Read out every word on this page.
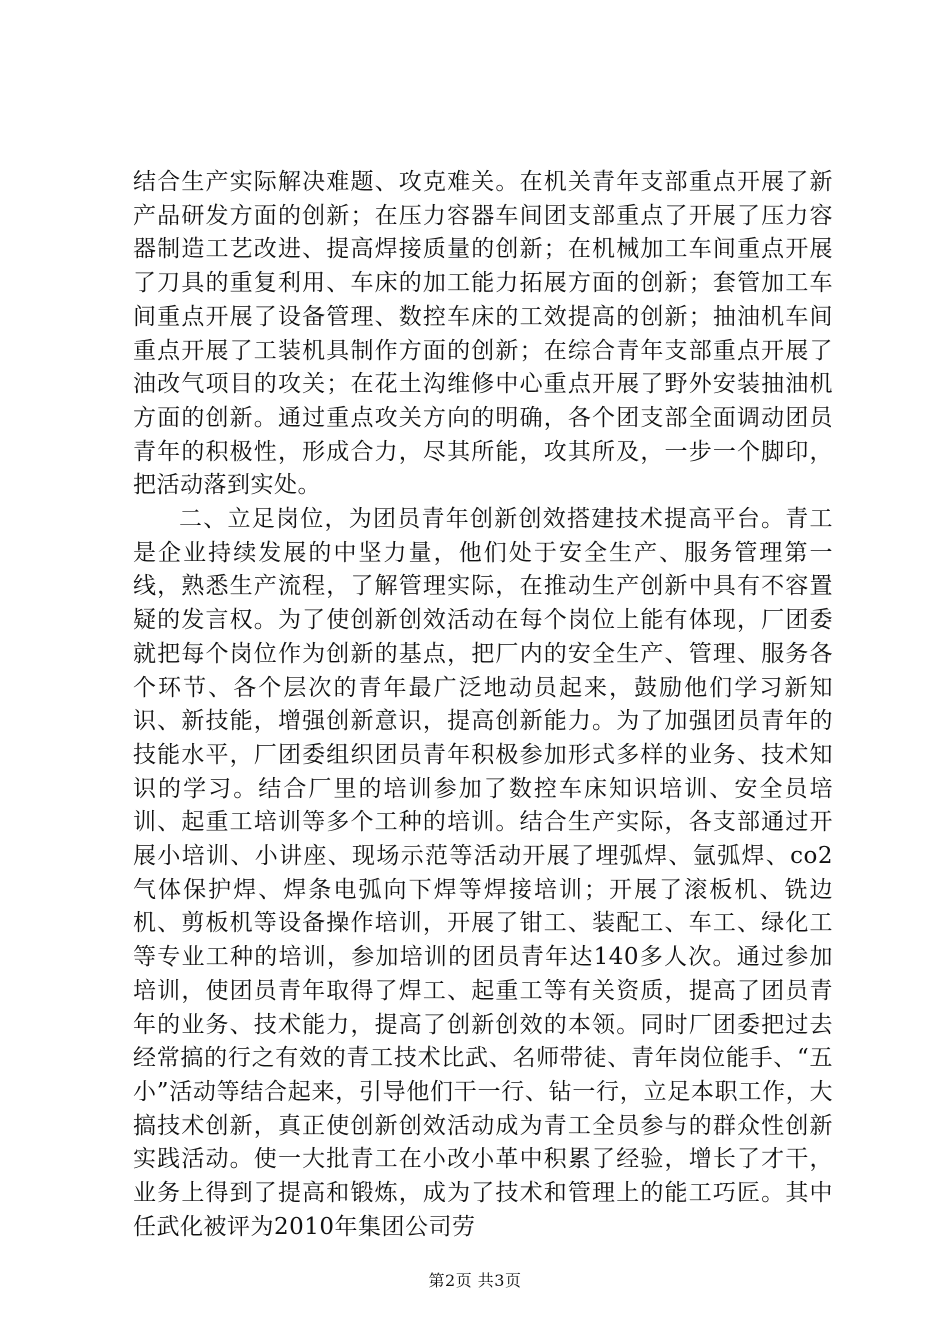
结合生产实际解决难题、攻克难关。在机关青年支部重点开展了新产品研发方面的创新；在压力容器车间团支部重点了开展了压力容器制造工艺改进、提高焊接质量的创新；在机械加工车间重点开展了刀具的重复利用、车床的加工能力拓展方面的创新；套管加工车间重点开展了设备管理、数控车床的工效提高的创新；抽油机车间重点开展了工装机具制作方面的创新；在综合青年支部重点开展了油改气项目的攻关；在花土沟维修中心重点开展了野外安装抽油机方面的创新。通过重点攻关方向的明确，各个团支部全面调动团员青年的积极性，形成合力，尽其所能，攻其所及，一步一个脚印，把活动落到实处。

二、立足岗位，为团员青年创新创效搭建技术提高平台。青工是企业持续发展的中坚力量，他们处于安全生产、服务管理第一线，熟悉生产流程，了解管理实际，在推动生产创新中具有不容置疑的发言权。为了使创新创效活动在每个岗位上能有体现，厂团委就把每个岗位作为创新的基点，把厂内的安全生产、管理、服务各个环节、各个层次的青年最广泛地动员起来，鼓励他们学习新知识、新技能，增强创新意识，提高创新能力。为了加强团员青年的技能水平，厂团委组织团员青年积极参加形式多样的业务、技术知识的学习。结合厂里的培训参加了数控车床知识培训、安全员培训、起重工培训等多个工种的培训。结合生产实际，各支部通过开展小培训、小讲座、现场示范等活动开展了埋弧焊、氩弧焊、co2气体保护焊、焊条电弧向下焊等焊接培训；开展了滚板机、铣边机、剪板机等设备操作培训，开展了钳工、装配工、车工、绿化工等专业工种的培训，参加培训的团员青年达140多人次。通过参加培训，使团员青年取得了焊工、起重工等有关资质，提高了团员青年的业务、技术能力，提高了创新创效的本领。同时厂团委把过去经常搞的行之有效的青工技术比武、名师带徒、青年岗位能手、“五小”活动等结合起来，引导他们干一行、钻一行，立足本职工作，大搞技术创新，真正使创新创效活动成为青工全员参与的群众性创新实践活动。使一大批青工在小改小革中积累了经验，增长了才干，业务上得到了提高和锻炼，成为了技术和管理上的能工巧匠。其中任武化被评为2010年集团公司劳

第2页 共3页
